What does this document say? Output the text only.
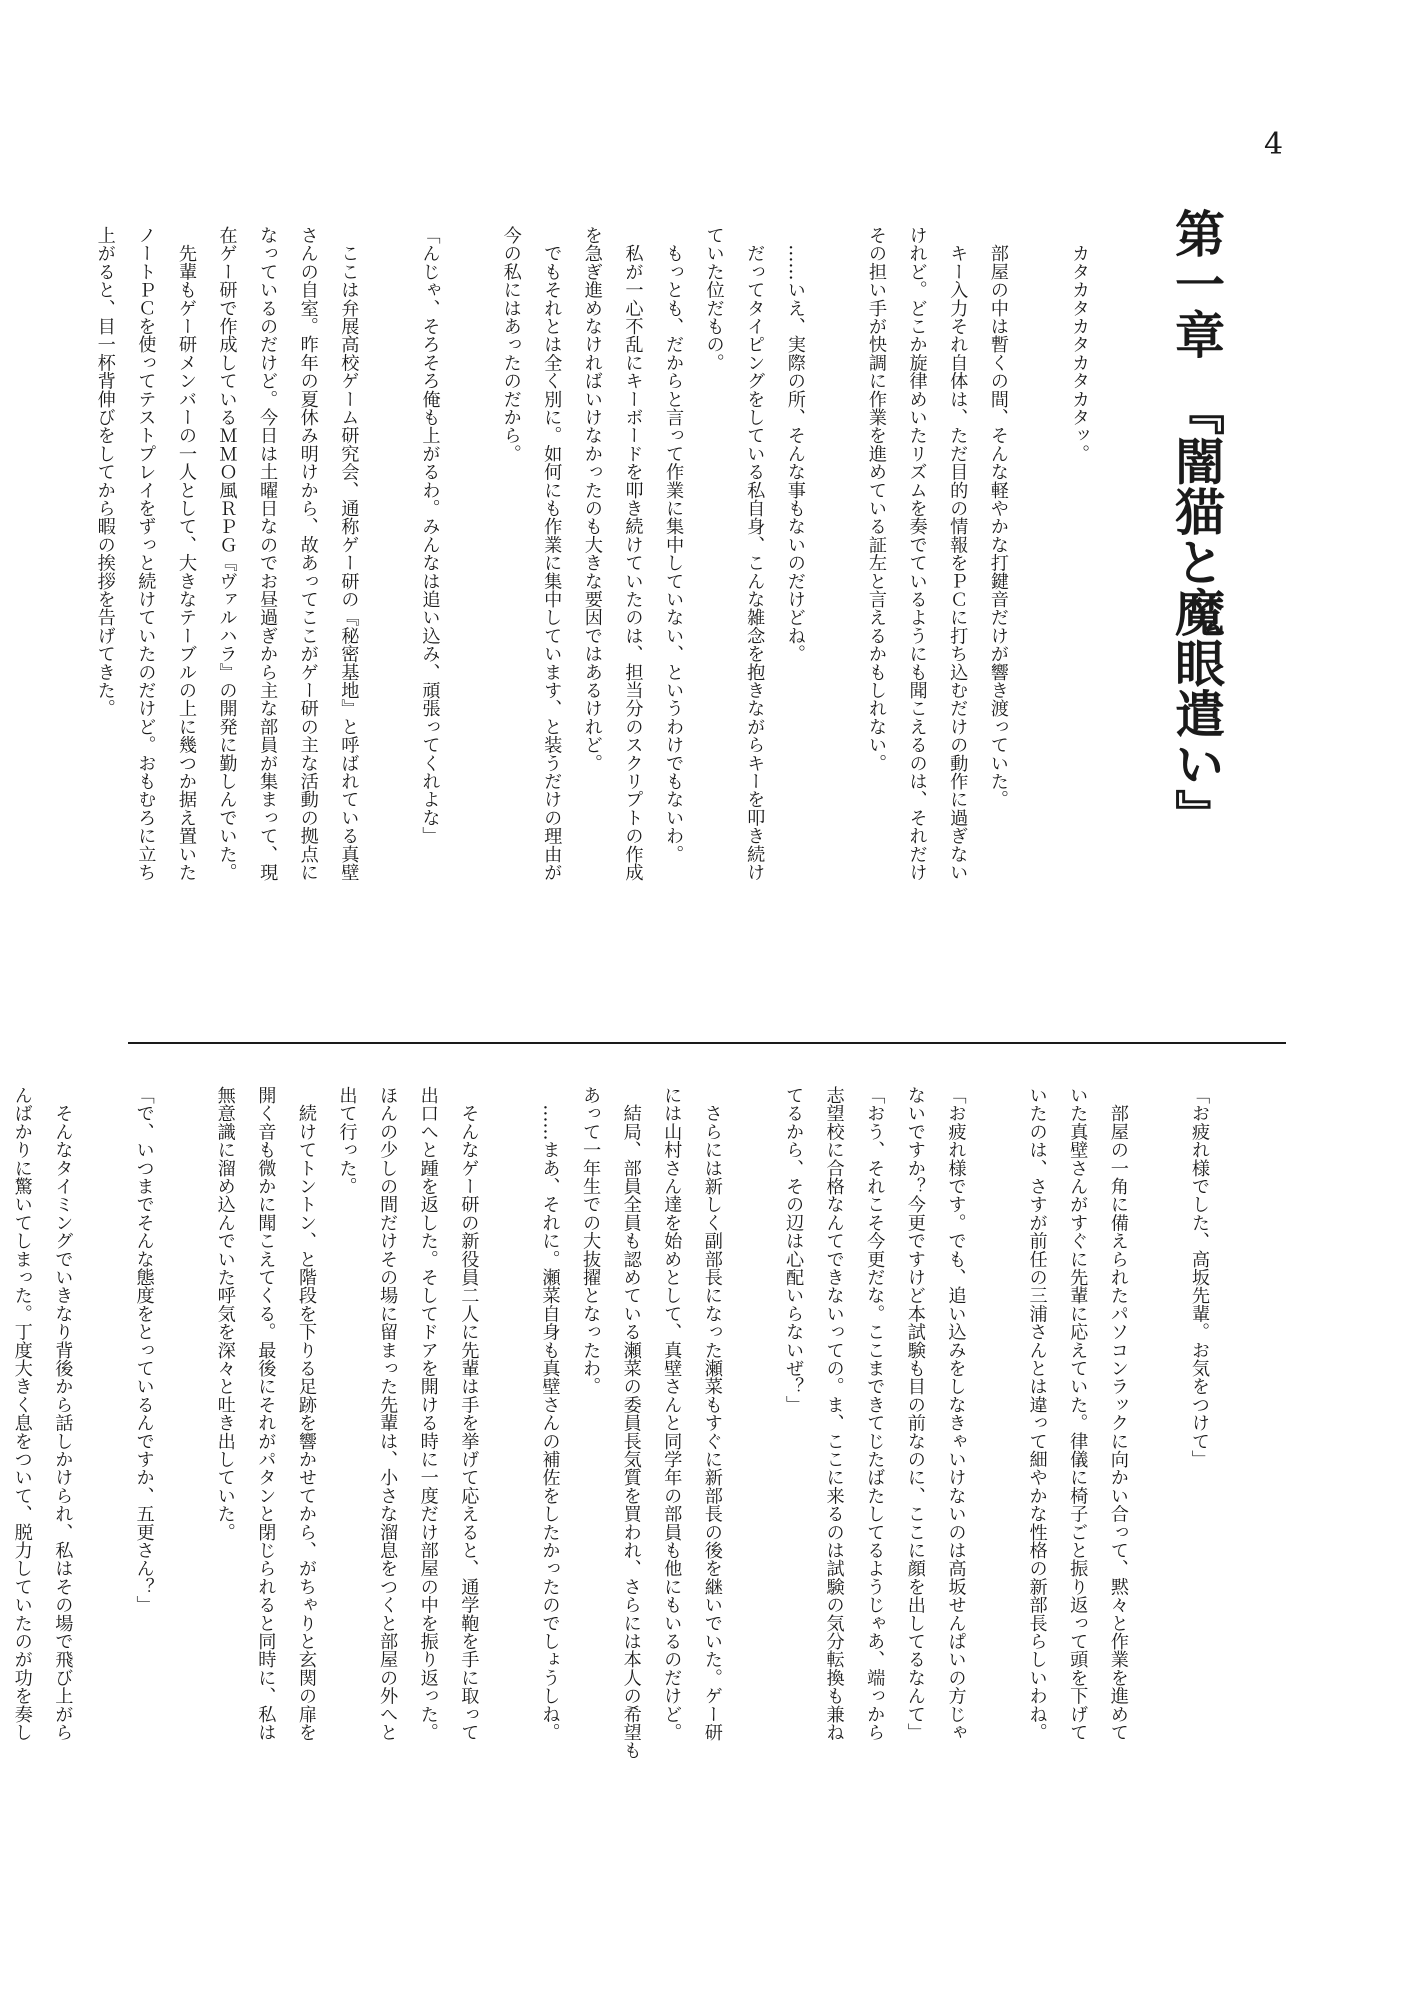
4
第一章　『闇猫と魔眼遣い』
　カタカタカタカタカタッ。

　部屋の中は暫くの間、そんな軽やかな打鍵音だけが響き渡っていた。
　キー入力それ自体は、ただ目的の情報をＰＣに打ち込むだけの動作に過ぎない
けれど。どこか旋律めいたリズムを奏でているようにも聞こえるのは、それだけ
その担い手が快調に作業を進めている証左と言えるかもしれない。

　……いえ、実際の所、そんな事もないのだけどね。
　だってタイピングをしている私自身、こんな雑念を抱きながらキーを叩き続け
ていた位だもの。
　もっとも、だからと言って作業に集中していない、というわけでもないわ。
　私が一心不乱にキーボードを叩き続けていたのは、担当分のスクリプトの作成
を急ぎ進めなければいけなかったのも大きな要因ではあるけれど。
　でもそれとは全く別に。如何にも作業に集中しています、と装うだけの理由が
今の私にはあったのだから。

「んじゃ、そろそろ俺も上がるわ。みんなは追い込み、頑張ってくれよな」

　ここは弁展高校ゲーム研究会、通称ゲー研の『秘密基地』と呼ばれている真壁
さんの自室。昨年の夏休み明けから、故あってここがゲー研の主な活動の拠点に
なっているのだけど。今日は土曜日なのでお昼過ぎから主な部員が集まって、現
在ゲー研で作成しているＭＭＯ風ＲＰＧ『ヴァルハラ』の開発に勤しんでいた。
　先輩もゲー研メンバーの一人として、大きなテーブルの上に幾つか据え置いた
ノートＰＣを使ってテストプレイをずっと続けていたのだけど。おもむろに立ち
上がると、目一杯背伸びをしてから暇の挨拶を告げてきた。
「お疲れ様でした、高坂先輩。お気をつけて」

　部屋の一角に備えられたパソコンラックに向かい合って、黙々と作業を進めて
いた真壁さんがすぐに先輩に応えていた。律儀に椅子ごと振り返って頭を下げて
いたのは、さすが前任の三浦さんとは違って細やかな性格の新部長らしいわね。

「お疲れ様です。でも、追い込みをしなきゃいけないのは高坂せんぱいの方じゃ
ないですか？今更ですけど本試験も目の前なのに、ここに顔を出してるなんて」
「おう、それこそ今更だな。ここまできてじたばたしてるようじゃあ、端っから
志望校に合格なんてできないっての。ま、ここに来るのは試験の気分転換も兼ね
てるから、その辺は心配いらないぜ？」

　さらには新しく副部長になった瀬菜もすぐに新部長の後を継いでいた。ゲー研
には山村さん達を始めとして、真壁さんと同学年の部員も他にもいるのだけど。
　結局、部員全員も認めている瀬菜の委員長気質を買われ、さらには本人の希望も
あって一年生での大抜擢となったわ。
　……まあ、それに。瀬菜自身も真壁さんの補佐をしたかったのでしょうしね。

　そんなゲー研の新役員二人に先輩は手を挙げて応えると、通学鞄を手に取って
出口へと踵を返した。そしてドアを開ける時に一度だけ部屋の中を振り返った。
ほんの少しの間だけその場に留まった先輩は、小さな溜息をつくと部屋の外へと
出て行った。
　続けてトントン、と階段を下りる足跡を響かせてから、がちゃりと玄関の扉を
開く音も微かに聞こえてくる。最後にそれがパタンと閉じられると同時に、私は
無意識に溜め込んでいた呼気を深々と吐き出していた。

「で、いつまでそんな態度をとっているんですか、五更さん？」

　そんなタイミングでいきなり背後から話しかけられ、私はその場で飛び上がら
んばかりに驚いてしまった。丁度大きく息をついて、脱力していたのが功を奏し
